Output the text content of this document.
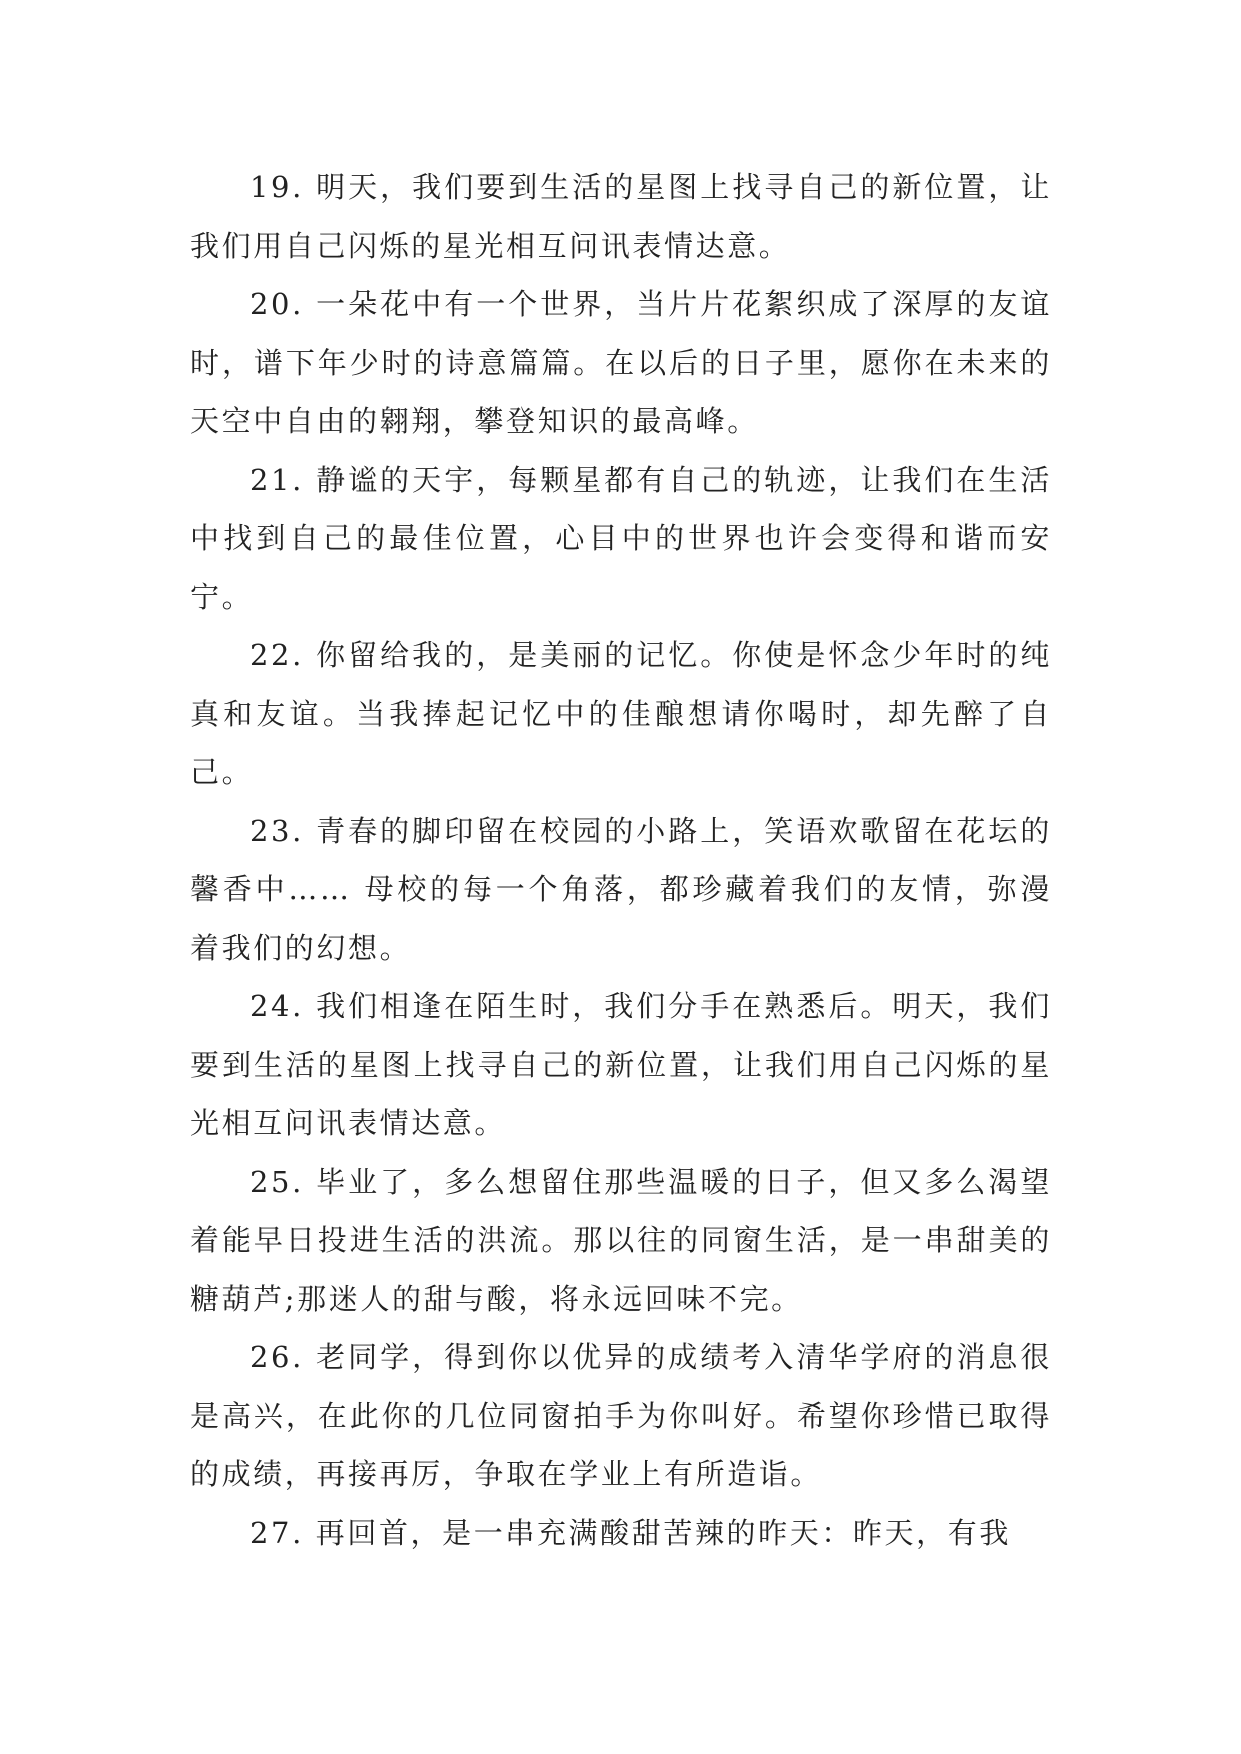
19. 明天，我们要到生活的星图上找寻自己的新位置，让我们用自己闪烁的星光相互问讯表情达意。

20. 一朵花中有一个世界，当片片花絮织成了深厚的友谊时，谱下年少时的诗意篇篇。在以后的日子里，愿你在未来的天空中自由的翱翔，攀登知识的最高峰。

21. 静谧的天宇，每颗星都有自己的轨迹，让我们在生活中找到自己的最佳位置，心目中的世界也许会变得和谐而安宁。

22. 你留给我的，是美丽的记忆。你使是怀念少年时的纯真和友谊。当我捧起记忆中的佳酿想请你喝时，却先醉了自己。

23. 青春的脚印留在校园的小路上，笑语欢歌留在花坛的馨香中…… 母校的每一个角落，都珍藏着我们的友情，弥漫着我们的幻想。

24. 我们相逢在陌生时，我们分手在熟悉后。明天，我们要到生活的星图上找寻自己的新位置，让我们用自己闪烁的星光相互问讯表情达意。

25. 毕业了，多么想留住那些温暖的日子，但又多么渴望着能早日投进生活的洪流。那以往的同窗生活，是一串甜美的糖葫芦;那迷人的甜与酸，将永远回味不完。

26. 老同学，得到你以优异的成绩考入清华学府的消息很是高兴，在此你的几位同窗拍手为你叫好。希望你珍惜已取得的成绩，再接再厉，争取在学业上有所造诣。

27. 再回首，是一串充满酸甜苦辣的昨天：昨天，有我
